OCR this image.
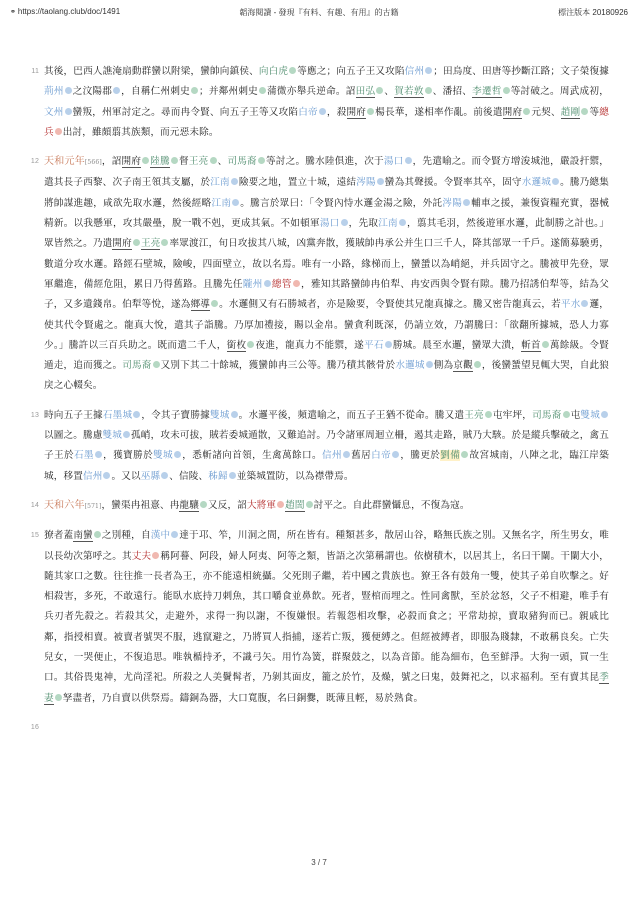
⚭ https://taolang.club/doc/1491	韜海閱讀 - 發現『有料、有趣、有用』的古籍	標注版本 20180926
11 其後，巴西人譙淹扇動群蠻以附梁，蠻帥向鎮侯、向白虎 等應之；向五子王又攻陷信州 ；田烏度、田唐等抄斷江路；文子榮復據荊州 之汶陽郡 ，自稱仁州刺史 ；并鄰州刺史 蒲微亦舉兵逆命。詔田弘 、賀若敦 、潘招、李遷哲 等討破之。周武成初，文州 蠻叛，州軍討定之。尋而冉令賢、向五子王等又攻陷白帝 ，殺開府 楊長華，遂相率作亂。前後遣開府 元契、趙剛 等總兵 出討，雖頗翦其族類，而元惡未除。
12 天和元年[566]，詔開府 陸騰 督王亮 、司馬裔 等討之。騰水陸俱進，次于湯口 ，先遣喻之。而令賢方增浚城池，嚴設扞禦，遣其長子西黎、次子南王領其支屬，於江南 險要之地，置立十城，遠結涔陽 蠻為其聲援。令賢率其卒，固守水邏城 。騰乃總集將帥謀進趣，咸欲先取水邏，然後經略江南 。騰言於眾曰：「令賢內恃水邏金湯之險，外託涔陽 輔車之援，兼復資糧充實，器械精新。以我懸軍，攻其嚴壘，脫一戰不剋，更成其氣。不如頓軍湯口 ，先取江南 ，翦其毛羽，然後遊軍水邏，此制勝之計也。」眾皆然之。乃遣開府 王亮 率眾渡江，旬日攻拔其八城，凶黨奔散，獲賊帥冉承公并生口三千人，降其部眾一千戶。遂簡募驍勇，數道分攻水邏。路經石壁城，險峻，四面壁立，故以名焉。唯有一小路，緣梯而上，蠻蜑以為峭絕，并兵固守之。騰被甲先登，眾軍繼進，備經危阻，累日乃得舊路。且騰先任隴州 總管 ，雅知其路蠻帥冉伯犁、冉安西與令賢有隙。騰乃招誘伯犁等，結為父子，又多遺錢帛。伯犁等悅，遂為鄉導 。水邏側又有石勝城者，亦是險要，令賢使其兄龍真據之。騰又密告龍真云，若平水 邏，使其代令賢處之。龍真大悅，遣其子詣騰。乃厚加禮接，賜以金帛。蠻貪利既深，仍請立效，乃謂騰曰：「欲翻所據城，恐人力寡少。」騰許以三百兵助之。既而遣二千人，銜枚 夜進，龍真力不能禦，遂平石 勝城。晨至水邏，蠻眾大潰，斬首 萬餘級。令賢遁走，追而獲之。司馬裔 又別下其二十餘城，獲蠻帥冉三公等。騰乃積其骸骨於水邏城 側為京觀 ，後蠻蜑望見輒大哭，自此狼戾之心輟矣。
13 時向五子王據石墨城 ，令其子寶勝據雙城 。水邏平後，頻遣喻之，而五子王猶不從命。騰又遣王亮 屯牢坪，司馬裔 屯雙城以圖之。騰慮雙城 孤峭，攻未可拔，賊若委城遁散，又難追討。乃令諸軍周迴立柵，遏其走路，賊乃大駭。於是縱兵擊破之，禽五子王於石墨 ，獲寶勝於雙城 ，悉斬諸向首領，生禽萬餘口。信州 舊居白帝 ，騰更於劉備 故宮城南，八陣之北，臨江岸築城，移置信州 。又以巫縣 、信陵、秭歸 並築城置防，以為襟帶焉。
14 天和六年[571]，蠻渠冉祖憙、冉龍驤 又反，詔大將軍 趙誾 討平之。自此群蠻懾息，不復為寇。
15 獠者蓋南蠻 之別種，自漢中 達于邛、笮，川洞之間，所在皆有。種類甚多，散居山谷，略無氏族之別。又無名字，所生男女，唯以長幼次第呼之。其丈夫 稱阿謩、阿段，婦人阿夷、阿等之類，皆語之次第稱謂也。依樹積木，以居其上，名曰干闌。干闌大小，隨其家口之數。往往推一長者為王，亦不能遠相統攝。父死則子繼，若中國之貴族也。獠王各有鼓角一雙，使其子弟自吹擊之。好相殺害，多死，不敢遠行。能臥水底持刀刺魚，其口嚼食並鼻飲。死者，豎棺而埋之。性同禽獸，至於忿怒，父子不相避，唯手有兵刃者先殺之。若殺其父，走避外，求得一狗以謝，不復嫌恨。若報怨相攻擊，必殺而食之；平常劫掠，賣取豬狗而已。親戚比鄰，指授相賣。被賣者號哭不服，逃竄避之，乃將買人指捕，逐若亡叛，獲便縛之。但經被縛者，即服為賤隸，不敢稱良矣。亡失兒女，一哭便止，不復追思。唯執楯持矛，不識弓矢。用竹為簧，群聚鼓之，以為音節。能為細布，色至鮮淨。大狗一頭，買一生口。其俗畏鬼神，尤尚淫祀。所殺之人美鬢髯者，乃剝其面皮，籠之於竹，及燥，號之曰鬼，鼓舞祀之，以求福利。至有賣其昆季妻 孥盡者，乃自賣以供祭焉。鑄銅為器，大口寬腹，名曰銅爨，既薄且輕，易於熟食。
16
3 / 7
